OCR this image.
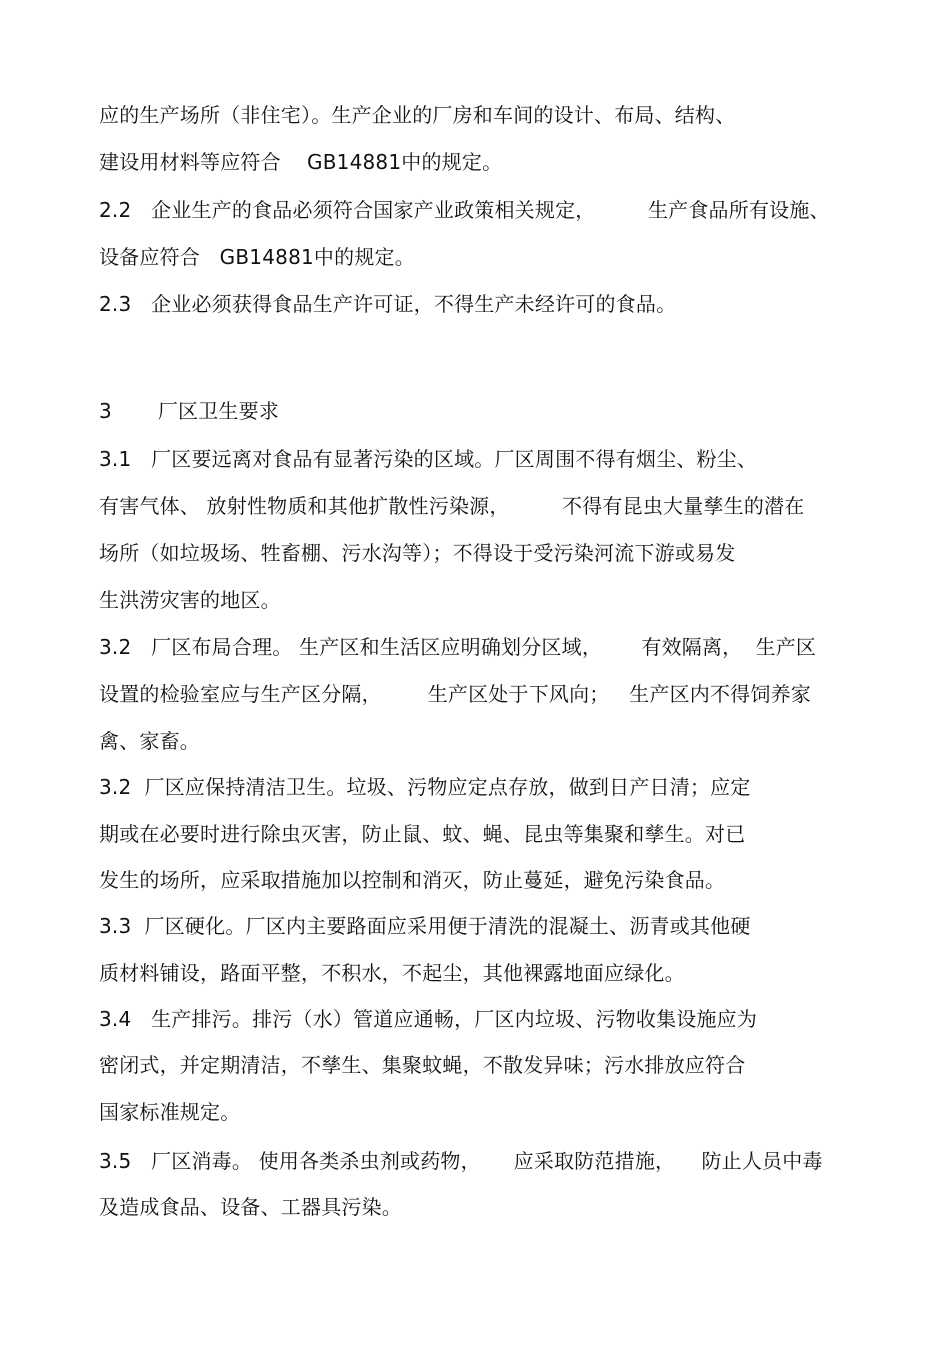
应的生产场所（非住宅）。生产企业的厂房和车间的设计、布局、结构、
建设用材料等应符合    GB14881中的规定。
2.2   企业生产的食品必须符合国家产业政策相关规定，        生产食品所有设施、
设备应符合   GB14881中的规定。
2.3   企业必须获得食品生产许可证，不得生产未经许可的食品。
3       厂区卫生要求
3.1   厂区要远离对食品有显著污染的区域。厂区周围不得有烟尘、粉尘、
有害气体、 放射性物质和其他扩散性污染源，        不得有昆虫大量孳生的潜在
场所（如垃圾场、牲畜棚、污水沟等）；不得设于受污染河流下游或易发
生洪涝灾害的地区。
3.2   厂区布局合理。 生产区和生活区应明确划分区域，      有效隔离，  生产区
设置的检验室应与生产区分隔，       生产区处于下风向；   生产区内不得饲养家
禽、家畜。
3.2  厂区应保持清洁卫生。垃圾、污物应定点存放，做到日产日清；应定
期或在必要时进行除虫灭害，防止鼠、蚊、蝇、昆虫等集聚和孳生。对已
发生的场所，应采取措施加以控制和消灭，防止蔓延，避免污染食品。
3.3  厂区硬化。厂区内主要路面应采用便于清洗的混凝土、沥青或其他硬
质材料铺设，路面平整，不积水，不起尘，其他裸露地面应绿化。
3.4   生产排污。排污（水）管道应通畅，厂区内垃圾、污物收集设施应为
密闭式，并定期清洁，不孳生、集聚蚊蝇，不散发异味；污水排放应符合
国家标准规定。
3.5   厂区消毒。 使用各类杀虫剂或药物，     应采取防范措施，    防止人员中毒
及造成食品、设备、工器具污染。
